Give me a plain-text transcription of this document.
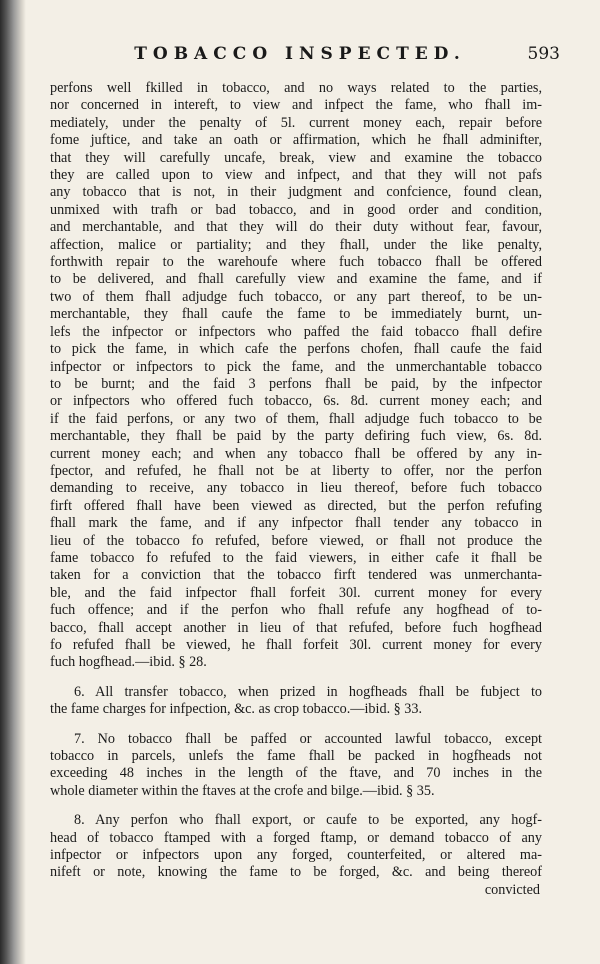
TOBACCO INSPECTED.	593
perfons well fkilled in tobacco, and no ways related to the parties,
nor concerned in intereft, to view and infpect the fame, who fhall im-
mediately, under the penalty of 5l. current money each, repair before
fome juftice, and take an oath or affirmation, which he fhall adminifter,
that they will carefully uncafe, break, view and examine the tobacco
they are called upon to view and infpect, and that they will not pafs
any tobacco that is not, in their judgment and confcience, found clean,
unmixed with trafh or bad tobacco, and in good order and condition,
and merchantable, and that they will do their duty without fear, favour,
affection, malice or partiality; and they fhall, under the like penalty,
forthwith repair to the warehoufe where fuch tobacco fhall be offered
to be delivered, and fhall carefully view and examine the fame, and if
two of them fhall adjudge fuch tobacco, or any part thereof, to be un-
merchantable, they fhall caufe the fame to be immediately burnt, un-
lefs the infpector or infpectors who paffed the faid tobacco fhall defire
to pick the fame, in which cafe the perfons chofen, fhall caufe the faid
infpector or infpectors to pick the fame, and the unmerchantable tobacco
to be burnt; and the faid 3 perfons fhall be paid, by the infpector
or infpectors who offered fuch tobacco, 6s. 8d. current money each; and
if the faid perfons, or any two of them, fhall adjudge fuch tobacco to be
merchantable, they fhall be paid by the party defiring fuch view, 6s. 8d.
current money each; and when any tobacco fhall be offered by any in-
fpector, and refufed, he fhall not be at liberty to offer, nor the perfon
demanding to receive, any tobacco in lieu thereof, before fuch tobacco
firft offered fhall have been viewed as directed, but the perfon refufing
fhall mark the fame, and if any infpector fhall tender any tobacco in
lieu of the tobacco fo refufed, before viewed, or fhall not produce the
fame tobacco fo refufed to the faid viewers, in either cafe it fhall be
taken for a conviction that the tobacco firft tendered was unmerchanta-
ble, and the faid infpector fhall forfeit 30l. current money for every
fuch offence; and if the perfon who fhall refufe any hogfhead of to-
bacco, fhall accept another in lieu of that refufed, before fuch hogfhead
fo refufed fhall be viewed, he fhall forfeit 30l. current money for every
fuch hogfhead.—ibid. § 28.
6. All transfer tobacco, when prized in hogfheads fhall be fubject to
the fame charges for infpection, &c. as crop tobacco.—ibid. § 33.
7. No tobacco fhall be paffed or accounted lawful tobacco, except
tobacco in parcels, unlefs the fame fhall be packed in hogfheads not
exceeding 48 inches in the length of the ftave, and 70 inches in the
whole diameter within the ftaves at the crofe and bilge.—ibid. § 35.
8. Any perfon who fhall export, or caufe to be exported, any hogf-
head of tobacco ftamped with a forged ftamp, or demand tobacco of any
infpector or infpectors upon any forged, counterfeited, or altered ma-
nifeft or note, knowing the fame to be forged, &c. and being thereof
convicted
